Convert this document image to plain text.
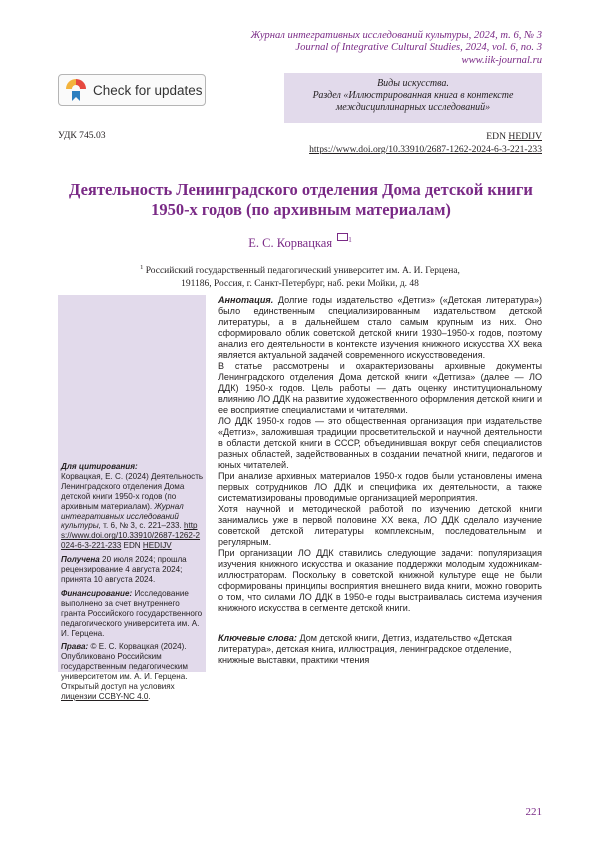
Журнал интегративных исследований культуры, 2024, т. 6, № 3
Journal of Integrative Cultural Studies, 2024, vol. 6, no. 3
www.iik-journal.ru
Check for updates	Виды искусства.
Раздел «Иллюстрированная книга в контексте
междисциплинарных исследований»
УДК 745.03	EDN HEDIJV
https://www.doi.org/10.33910/2687-1262-2024-6-3-221-233
Деятельность Ленинградского отделения Дома детской книги
1950-х годов (по архивным материалам)
Е. С. Корвацкая $^1$
$^1$ Российский государственный педагогический университет им. А. И. Герцена,
191186, Россия, г. Санкт-Петербург, наб. реки Мойки, д. 48

Для цитирования:
Корвацкая, Е. С. (2024) Деятельность Ленинградского отделения Дома детской книги 1950-х годов (по архивным материалам). Журнал интегративных исследований культуры, т. 6, № 3, с. 221–233. https://www.doi.org/10.33910/2687-1262-2024-6-3-221-233 EDN HEDIJV

Получена 20 июля 2024; прошла рецензирование 4 августа 2024; принята 10 августа 2024.

Финансирование: Исследование выполнено за счет внутреннего гранта Российского государственного педагогического университета им. А. И. Герцена.

Права: © Е. С. Корвацкая (2024). Опубликовано Российским государственным педагогическим университетом им. А. И. Герцена. Открытый доступ на условиях лицензии CCBY-NC 4.0.

Аннотация. Долгие годы издательство «Детгиз» («Детская литература») было единственным специализированным издательством детской литературы, а в дальнейшем стало самым крупным из них. Оно сформировало облик советской детской книги 1930–1950-х годов, поэтому анализ его деятельности в контексте изучения книжного искусства XX века является актуальной задачей современного искусствоведения.

В статье рассмотрены и охарактеризованы архивные документы Ленинградского отделения Дома детской книги «Детгиза» (далее — ЛО ДДК) 1950-х годов. Цель работы — дать оценку институциональному влиянию ЛО ДДК на развитие художественного оформления детской книги и ее восприятие специалистами и читателями.

ЛО ДДК 1950-х годов — это общественная организация при издательстве «Детгиз», заложившая традиции просветительской и научной деятельности в области детской книги в СССР, объединившая вокруг себя специалистов разных областей, задействованных в создании печатной книги, педагогов и юных читателей.

При анализе архивных материалов 1950-х годов были установлены имена первых сотрудников ЛО ДДК и специфика их деятельности, а также систематизированы проводимые организацией мероприятия.

Хотя научной и методической работой по изучению детской книги занимались уже в первой половине XX века, ЛО ДДК сделало изучение советской детской литературы комплексным, последовательным и регулярным.

При организации ЛО ДДК ставились следующие задачи: популяризация изучения книжного искусства и оказание поддержки молодым художникам-иллюстраторам. Поскольку в советской книжной культуре еще не были сформированы принципы восприятия внешнего вида книги, можно говорить о том, что силами ЛО ДДК в 1950-е годы выстраивалась система изучения книжного искусства в сегменте детской книги.

Ключевые слова: Дом детской книги, Детгиз, издательство «Детская литература», детская книга, иллюстрация, ленинградское отделение, книжные выставки, практики чтения
221
